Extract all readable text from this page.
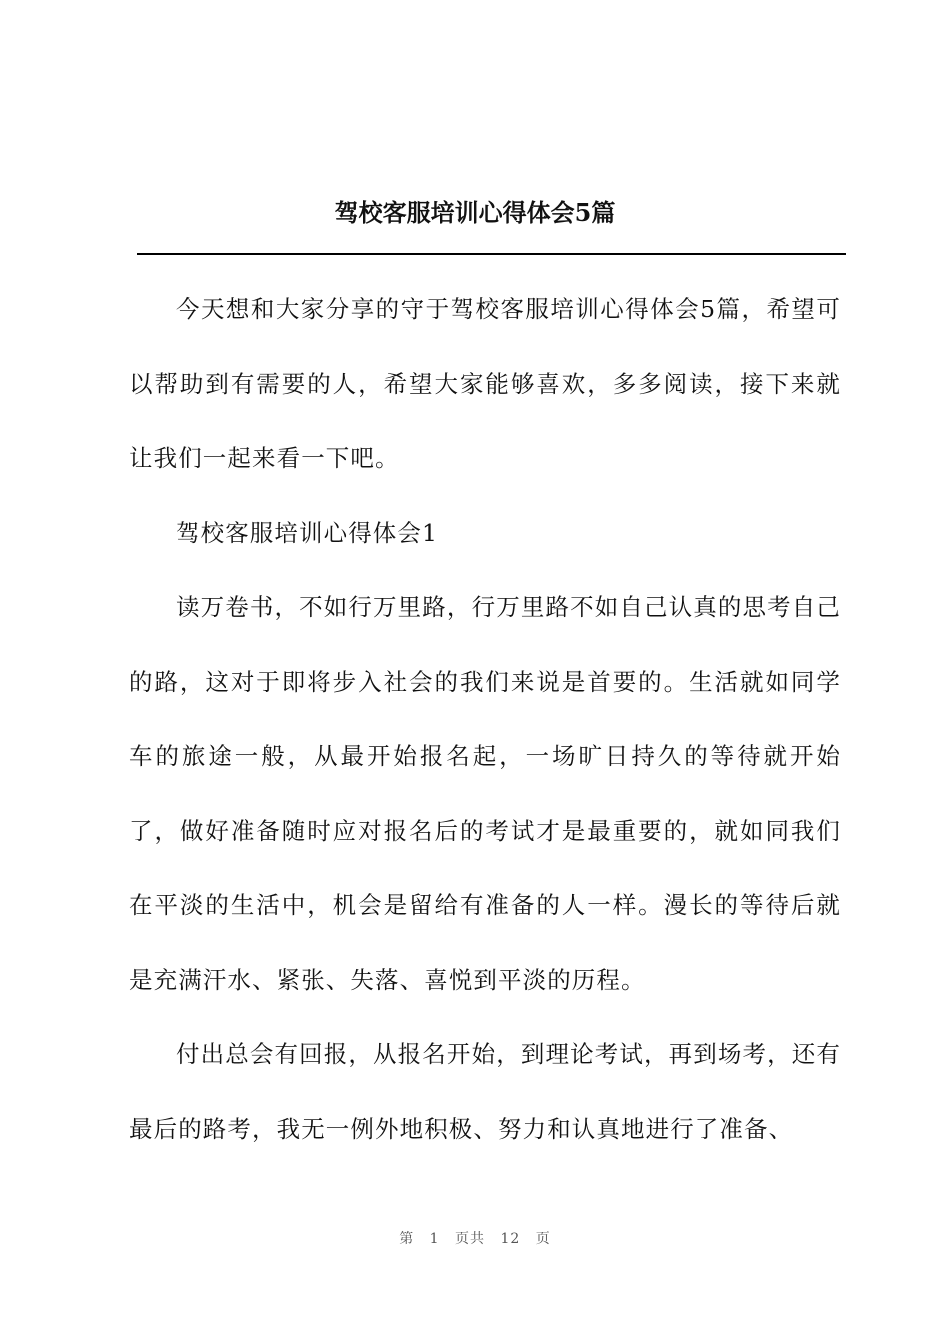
驾校客服培训心得体会5篇

今天想和大家分享的守于驾校客服培训心得体会5篇，希望可以帮助到有需要的人，希望大家能够喜欢，多多阅读，接下来就让我们一起来看一下吧。

驾校客服培训心得体会1

读万卷书，不如行万里路，行万里路不如自己认真的思考自己的路，这对于即将步入社会的我们来说是首要的。生活就如同学车的旅途一般，从最开始报名起，一场旷日持久的等待就开始了，做好准备随时应对报名后的考试才是最重要的，就如同我们在平淡的生活中，机会是留给有准备的人一样。漫长的等待后就是充满汗水、紧张、失落、喜悦到平淡的历程。

付出总会有回报，从报名开始，到理论考试，再到场考，还有最后的路考，我无一例外地积极、努力和认真地进行了准备、

第 1 页共 12 页
